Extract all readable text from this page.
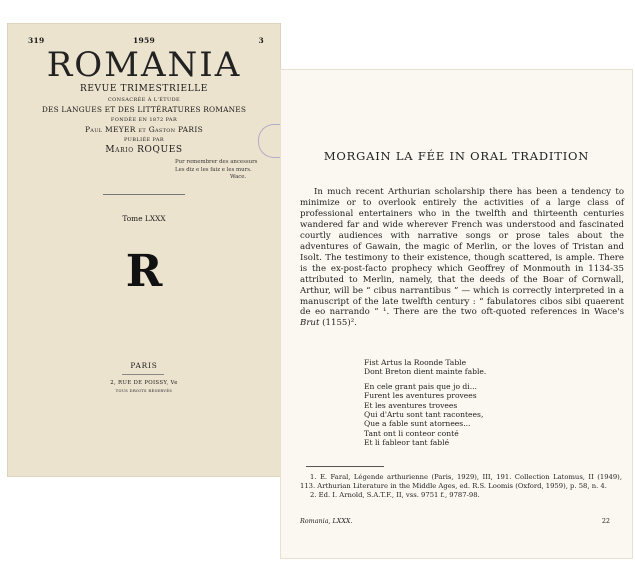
319	1959	3
ROMANIA
REVUE TRIMESTRIELLE
CONSACRÉE À L'ÉTUDE
DES LANGUES ET DES LITTÉRATURES ROMANES
FONDÉE EN 1872 PAR
Paul MEYER et Gaston PARIS
PUBLIÉE PAR
Mario ROQUES
Pur remembrer des ancessurs
Les diz e les faiz e les murs.
Wace.
Tome LXXX
R
PARIS
2, RUE DE POISSY, Ve
TOUS DROITS RÉSERVÉS
MORGAIN LA FÉE IN ORAL TRADITION

In much recent Arthurian scholarship there has been a tendency to minimize or to overlook entirely the activities of a large class of professional entertainers who in the twelfth and thirteenth centuries wandered far and wide wherever French was understood and fascinated courtly audiences with narrative songs or prose tales about the adventures of Gawain, the magic of Merlin, or the loves of Tristan and Isolt. The testimony to their existence, though scattered, is ample. There is the ex-post-facto prophecy which Geoffrey of Monmouth in 1134-35 attributed to Merlin, namely, that the deeds of the Boar of Cornwall, Arthur, will be “ cibus narrantibus ” — which is correctly interpreted in a manuscript of the late twelfth century : “ fabulatores cibos sibi quaerent de eo narrando ” ¹. There are the two oft-quoted references in Wace's Brut (1155)².

Fist Artus la Roonde Table
Dont Breton dient mainte fable.
En cele grant pais que jo di...
Furent les aventures provees
Et les aventures trovees
Qui d'Artu sont tant racontees,
Que a fable sunt atornees...
Tant ont li conteor conté
Et li fableor tant fablé

1. E. Faral, Légende arthurienne (Paris, 1929), III, 191. Collection Latomus, II (1949), 113. Arthurian Literature in the Middle Ages, ed. R.S. Loomis (Oxford, 1959), p. 58, n. 4.

2. Ed. I. Arnold, S.A.T.F., II, vss. 9751 f., 9787-98.

Romania, LXXX.	22
